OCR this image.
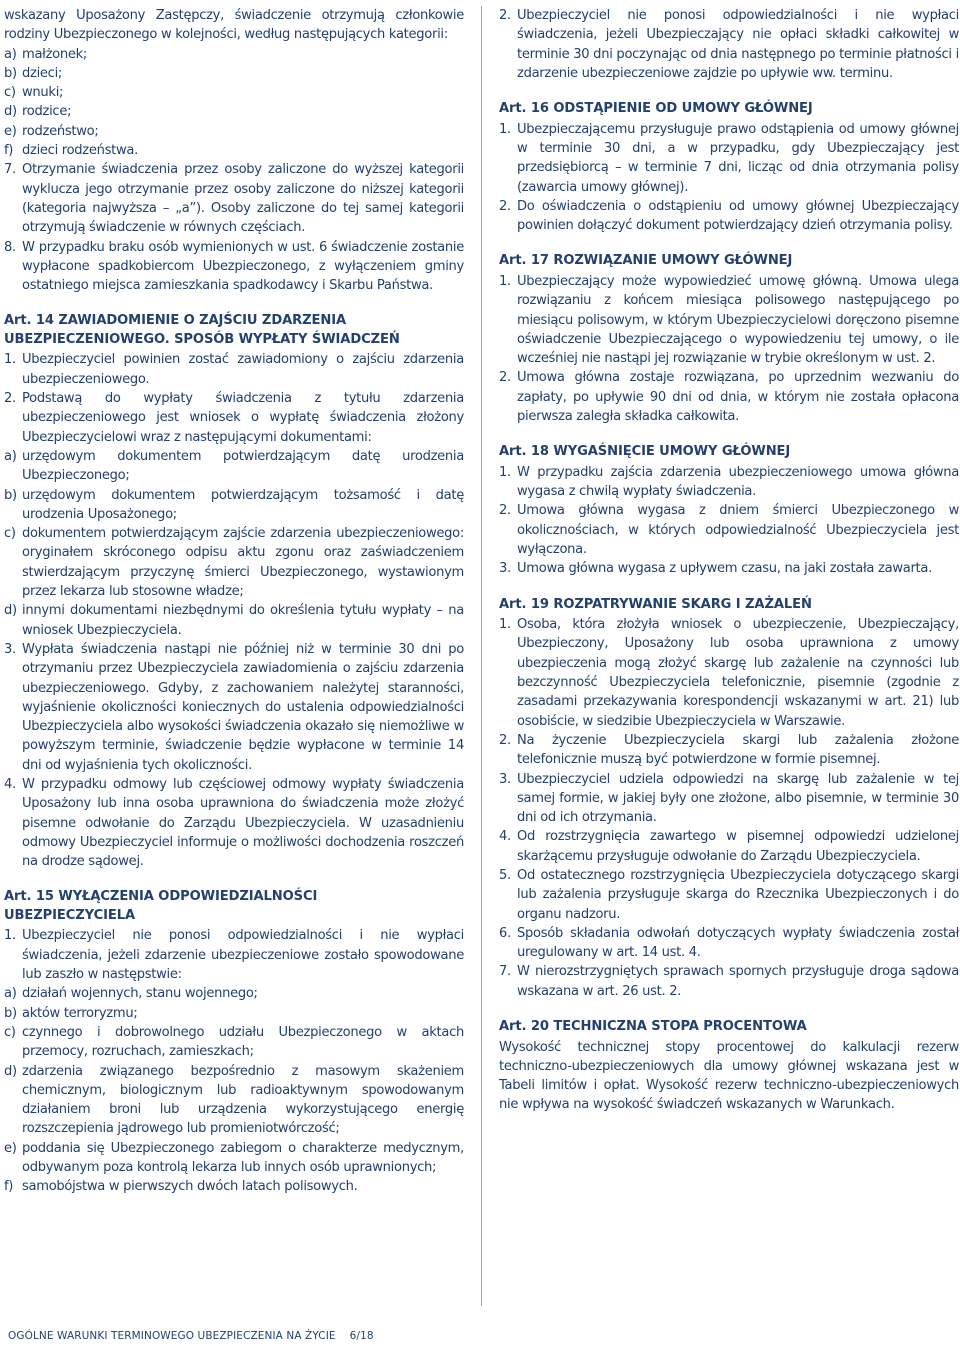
wskazany Uposażony Zastępczy, świadczenie otrzymują członkowie rodziny Ubezpieczonego w kolejności, według następujących kategorii:

a) małżonek;
b) dzieci;
c) wnuki;
d) rodzice;
e) rodzeństwo;
f) dzieci rodzeństwa.
7. Otrzymanie świadczenia przez osoby zaliczone do wyższej kategorii wyklucza jego otrzymanie przez osoby zaliczone do niższej kategorii (kategoria najwyższa – „a”). Osoby zaliczone do tej samej kategorii otrzymują świadczenie w równych częściach.
8. W przypadku braku osób wymienionych w ust. 6 świadczenie zostanie wypłacone spadkobiercom Ubezpieczonego, z wyłączeniem gminy ostatniego miejsca zamieszkania spadkodawcy i Skarbu Państwa.
Art. 14 ZAWIADOMIENIE O ZAJŚCIU ZDARZENIA
UBEZPIECZENIOWEGO. SPOSÓB WYPŁATY ŚWIADCZEŃ
1. Ubezpieczyciel powinien zostać zawiadomiony o zajściu zdarzenia ubezpieczeniowego.
2. Podstawą do wypłaty świadczenia z tytułu zdarzenia ubezpieczeniowego jest wniosek o wypłatę świadczenia złożony Ubezpieczycielowi wraz z następującymi dokumentami:
a) urzędowym dokumentem potwierdzającym datę urodzenia Ubezpieczonego;
b) urzędowym dokumentem potwierdzającym tożsamość i datę urodzenia Uposażonego;
c) dokumentem potwierdzającym zajście zdarzenia ubezpieczeniowego: oryginałem skróconego odpisu aktu zgonu oraz zaświadczeniem stwierdzającym przyczynę śmierci Ubezpieczonego, wystawionym przez lekarza lub stosowne władze;
d) innymi dokumentami niezbędnymi do określenia tytułu wypłaty – na wniosek Ubezpieczyciela.
3. Wypłata świadczenia nastąpi nie później niż w terminie 30 dni po otrzymaniu przez Ubezpieczyciela zawiadomienia o zajściu zdarzenia ubezpieczeniowego. Gdyby, z zachowaniem należytej staranności, wyjaśnienie okoliczności koniecznych do ustalenia odpowiedzialności Ubezpieczyciela albo wysokości świadczenia okazało się niemożliwe w powyższym terminie, świadczenie będzie wypłacone w terminie 14 dni od wyjaśnienia tych okoliczności.
4. W przypadku odmowy lub częściowej odmowy wypłaty świadczenia Uposażony lub inna osoba uprawniona do świadczenia może złożyć pisemne odwołanie do Zarządu Ubezpieczyciela. W uzasadnieniu odmowy Ubezpieczyciel informuje o możliwości dochodzenia roszczeń na drodze sądowej.
Art. 15 WYŁĄCZENIA ODPOWIEDZIALNOŚCI
UBEZPIECZYCIELA
1. Ubezpieczyciel nie ponosi odpowiedzialności i nie wypłaci świadczenia, jeżeli zdarzenie ubezpieczeniowe zostało spowodowane lub zaszło w następstwie:
a) działań wojennych, stanu wojennego;
b) aktów terroryzmu;
c) czynnego i dobrowolnego udziału Ubezpieczonego w aktach przemocy, rozruchach, zamieszkach;
d) zdarzenia związanego bezpośrednio z masowym skażeniem chemicznym, biologicznym lub radioaktywnym spowodowanym działaniem broni lub urządzenia wykorzystującego energię rozszczepienia jądrowego lub promieniotwórczość;
e) poddania się Ubezpieczonego zabiegom o charakterze medycznym, odbywanym poza kontrolą lekarza lub innych osób uprawnionych;
f) samobójstwa w pierwszych dwóch latach polisowych.
2. Ubezpieczyciel nie ponosi odpowiedzialności i nie wypłaci świadczenia, jeżeli Ubezpieczający nie opłaci składki całkowitej w terminie 30 dni poczynając od dnia następnego po terminie płatności i zdarzenie ubezpieczeniowe zajdzie po upływie ww. terminu.
Art. 16 ODSTĄPIENIE OD UMOWY GŁÓWNEJ
1. Ubezpieczającemu przysługuje prawo odstąpienia od umowy głównej w terminie 30 dni, a w przypadku, gdy Ubezpieczający jest przedsiębiorcą – w terminie 7 dni, licząc od dnia otrzymania polisy (zawarcia umowy głównej).
2. Do oświadczenia o odstąpieniu od umowy głównej Ubezpieczający powinien dołączyć dokument potwierdzający dzień otrzymania polisy.
Art. 17 ROZWIĄZANIE UMOWY GŁÓWNEJ
1. Ubezpieczający może wypowiedzieć umowę główną. Umowa ulega rozwiązaniu z końcem miesiąca polisowego następującego po miesiącu polisowym, w którym Ubezpieczycielowi doręczono pisemne oświadczenie Ubezpieczającego o wypowiedzeniu tej umowy, o ile wcześniej nie nastąpi jej rozwiązanie w trybie określonym w ust. 2.
2. Umowa główna zostaje rozwiązana, po uprzednim wezwaniu do zapłaty, po upływie 90 dni od dnia, w którym nie została opłacona pierwsza zaległa składka całkowita.
Art. 18 WYGAŚNIĘCIE UMOWY GŁÓWNEJ
1. W przypadku zajścia zdarzenia ubezpieczeniowego umowa główna wygasa z chwilą wypłaty świadczenia.
2. Umowa główna wygasa z dniem śmierci Ubezpieczonego w okolicznościach, w których odpowiedzialność Ubezpieczyciela jest wyłączona.
3. Umowa główna wygasa z upływem czasu, na jaki została zawarta.
Art. 19 ROZPATRYWANIE SKARG I ZAŻALEŃ
1. Osoba, która złożyła wniosek o ubezpieczenie, Ubezpieczający, Ubezpieczony, Uposażony lub osoba uprawniona z umowy ubezpieczenia mogą złożyć skargę lub zażalenie na czynności lub bezczynność Ubezpieczyciela telefonicznie, pisemnie (zgodnie z zasadami przekazywania korespondencji wskazanymi w art. 21) lub osobiście, w siedzibie Ubezpieczyciela w Warszawie.
2. Na życzenie Ubezpieczyciela skargi lub zażalenia złożone telefonicznie muszą być potwierdzone w formie pisemnej.
3. Ubezpieczyciel udziela odpowiedzi na skargę lub zażalenie w tej samej formie, w jakiej były one złożone, albo pisemnie, w terminie 30 dni od ich otrzymania.
4. Od rozstrzygnięcia zawartego w pisemnej odpowiedzi udzielonej skarżącemu przysługuje odwołanie do Zarządu Ubezpieczyciela.
5. Od ostatecznego rozstrzygnięcia Ubezpieczyciela dotyczącego skargi lub zażalenia przysługuje skarga do Rzecznika Ubezpieczonych i do organu nadzoru.
6. Sposób składania odwołań dotyczących wypłaty świadczenia został uregulowany w art. 14 ust. 4.
7. W nierozstrzygniętych sprawach spornych przysługuje droga sądowa wskazana w art. 26 ust. 2.
Art. 20 TECHNICZNA STOPA PROCENTOWA

Wysokość technicznej stopy procentowej do kalkulacji rezerw techniczno-ubezpieczeniowych dla umowy głównej wskazana jest w Tabeli limitów i opłat. Wysokość rezerw techniczno-ubezpieczeniowych nie wpływa na wysokość świadczeń wskazanych w Warunkach.

OGÓLNE WARUNKI TERMINOWEGO UBEZPIECZENIA NA ŻYCIE 6/18
